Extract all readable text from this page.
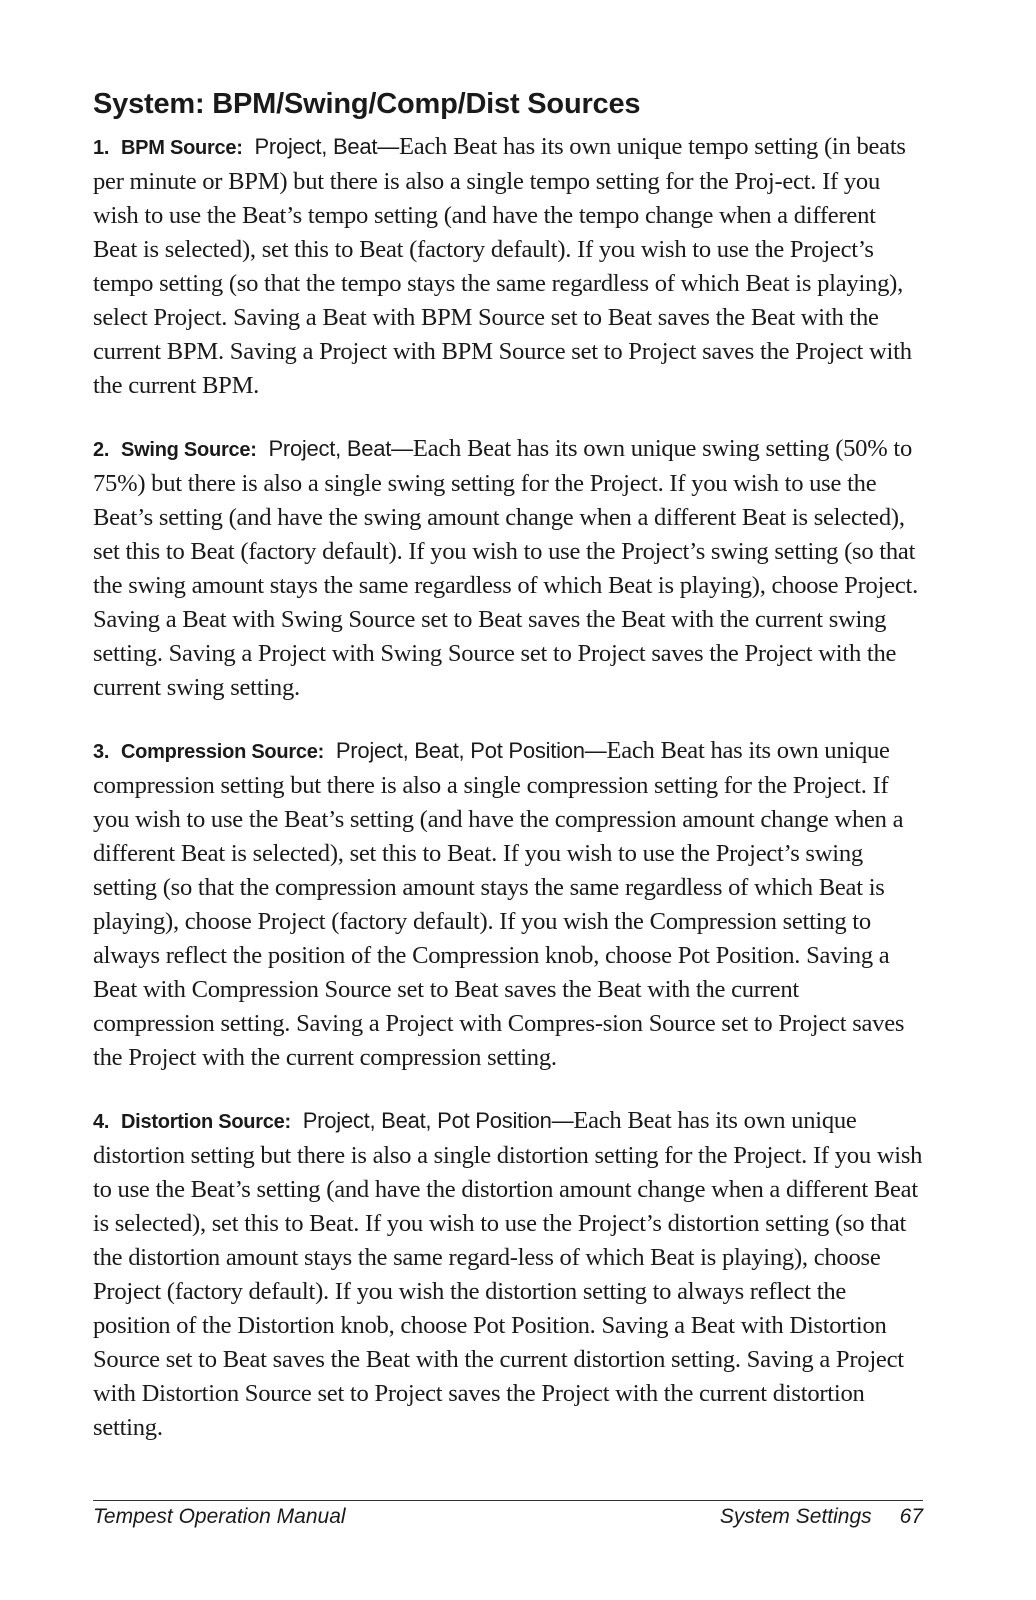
System: BPM/Swing/Comp/Dist Sources

1. BPM Source: Project, Beat—Each Beat has its own unique tempo setting (in beats per minute or BPM) but there is also a single tempo setting for the Proj-ect. If you wish to use the Beat’s tempo setting (and have the tempo change when a different Beat is selected), set this to Beat (factory default). If you wish to use the Project’s tempo setting (so that the tempo stays the same regardless of which Beat is playing), select Project. Saving a Beat with BPM Source set to Beat saves the Beat with the current BPM. Saving a Project with BPM Source set to Project saves the Project with the current BPM.

2. Swing Source: Project, Beat—Each Beat has its own unique swing setting (50% to 75%) but there is also a single swing setting for the Project. If you wish to use the Beat’s setting (and have the swing amount change when a different Beat is selected), set this to Beat (factory default). If you wish to use the Project’s swing setting (so that the swing amount stays the same regardless of which Beat is playing), choose Project. Saving a Beat with Swing Source set to Beat saves the Beat with the current swing setting. Saving a Project with Swing Source set to Project saves the Project with the current swing setting.

3. Compression Source: Project, Beat, Pot Position—Each Beat has its own unique compression setting but there is also a single compression setting for the Project. If you wish to use the Beat’s setting (and have the compression amount change when a different Beat is selected), set this to Beat. If you wish to use the Project’s swing setting (so that the compression amount stays the same regardless of which Beat is playing), choose Project (factory default). If you wish the Compression setting to always reflect the position of the Compression knob, choose Pot Position. Saving a Beat with Compression Source set to Beat saves the Beat with the current compression setting. Saving a Project with Compres-sion Source set to Project saves the Project with the current compression setting.

4. Distortion Source: Project, Beat, Pot Position—Each Beat has its own unique distortion setting but there is also a single distortion setting for the Project. If you wish to use the Beat’s setting (and have the distortion amount change when a different Beat is selected), set this to Beat. If you wish to use the Project’s distortion setting (so that the distortion amount stays the same regard-less of which Beat is playing), choose Project (factory default). If you wish the distortion setting to always reflect the position of the Distortion knob, choose Pot Position. Saving a Beat with Distortion Source set to Beat saves the Beat with the current distortion setting. Saving a Project with Distortion Source set to Project saves the Project with the current distortion setting.

Tempest Operation Manual	System Settings 67
